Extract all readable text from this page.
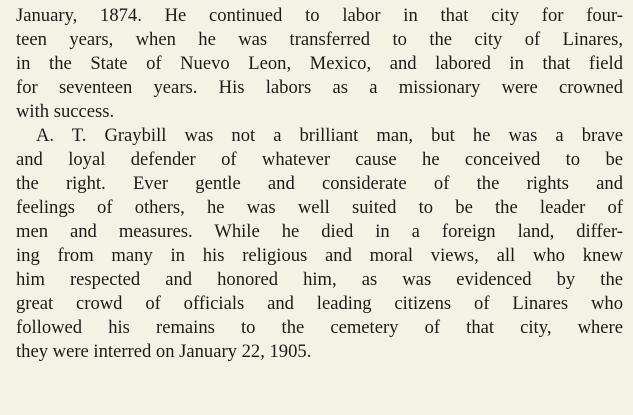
January, 1874. He continued to labor in that city for four-
teen years, when he was transferred to the city of Linares,
in the State of Nuevo Leon, Mexico, and labored in that field
for seventeen years. His labors as a missionary were crowned
with success.
A. T. Graybill was not a brilliant man, but he was a brave
and loyal defender of whatever cause he conceived to be
the right. Ever gentle and considerate of the rights and
feelings of others, he was well suited to be the leader of
men and measures. While he died in a foreign land, differ-
ing from many in his religious and moral views, all who knew
him respected and honored him, as was evidenced by the
great crowd of officials and leading citizens of Linares who
followed his remains to the cemetery of that city, where
they were interred on January 22, 1905.
